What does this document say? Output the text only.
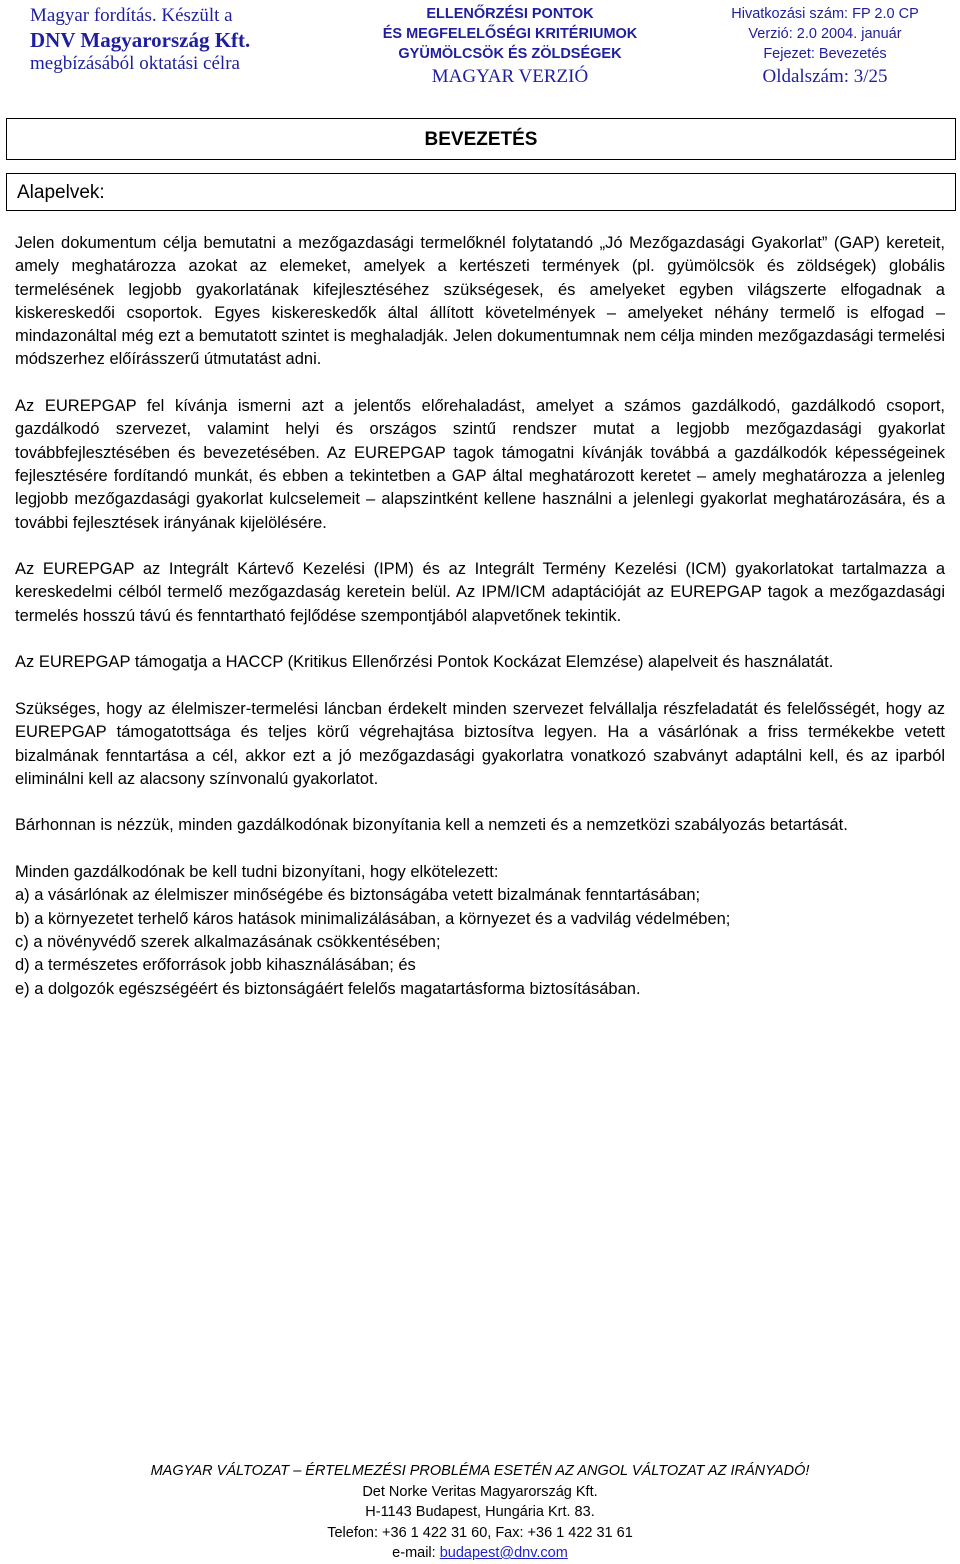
Magyar fordítás. Készült a
DNV Magyarország Kft.
megbízásából oktatási célra
ELLENŐRZÉSI PONTOK
ÉS MEGFELELŐSÉGI KRITÉRIUMOK
GYÜMÖLCSÖK ÉS ZÖLDSÉGEK
MAGYAR VERZIÓ
Hivatkozási szám: FP 2.0 CP
Verzió: 2.0 2004. január
Fejezet: Bevezetés
Oldalszám: 3/25
BEVEZETÉS
Alapelvek:

Jelen dokumentum célja bemutatni a mezőgazdasági termelőknél folytatandó „Jó Mezőgazdasági Gyakorlat” (GAP) kereteit, amely meghatározza azokat az elemeket, amelyek a kertészeti termények (pl. gyümölcsök és zöldségek) globális termelésének legjobb gyakorlatának kifejlesztéséhez szükségesek, és amelyeket egyben világszerte elfogadnak a kiskereskedői csoportok. Egyes kiskereskedők által állított követelmények – amelyeket néhány termelő is elfogad – mindazonáltal még ezt a bemutatott szintet is meghaladják. Jelen dokumentumnak nem célja minden mezőgazdasági termelési módszerhez előírásszerű útmutatást adni.

Az EUREPGAP fel kívánja ismerni azt a jelentős előrehaladást, amelyet a számos gazdálkodó, gazdálkodó csoport, gazdálkodó szervezet, valamint helyi és országos szintű rendszer mutat a legjobb mezőgazdasági gyakorlat továbbfejlesztésében és bevezetésében. Az EUREPGAP tagok támogatni kívánják továbbá a gazdálkodók képességeinek fejlesztésére fordítandó munkát, és ebben a tekintetben a GAP által meghatározott keretet – amely meghatározza a jelenleg legjobb mezőgazdasági gyakorlat kulcselemeit – alapszintként kellene használni a jelenlegi gyakorlat meghatározására, és a további fejlesztések irányának kijelölésére.

Az EUREPGAP az Integrált Kártevő Kezelési (IPM) és az Integrált Termény Kezelési (ICM) gyakorlatokat tartalmazza a kereskedelmi célból termelő mezőgazdaság keretein belül. Az IPM/ICM adaptációját az EUREPGAP tagok a mezőgazdasági termelés hosszú távú és fenntartható fejlődése szempontjából alapvetőnek tekintik.

Az EUREPGAP támogatja a HACCP (Kritikus Ellenőrzési Pontok Kockázat Elemzése) alapelveit és használatát.

Szükséges, hogy az élelmiszer-termelési láncban érdekelt minden szervezet felvállalja részfeladatát és felelősségét, hogy az EUREPGAP támogatottsága és teljes körű végrehajtása biztosítva legyen. Ha a vásárlónak a friss termékekbe vetett bizalmának fenntartása a cél, akkor ezt a jó mezőgazdasági gyakorlatra vonatkozó szabványt adaptálni kell, és az iparból eliminálni kell az alacsony színvonalú gyakorlatot.

Bárhonnan is nézzük, minden gazdálkodónak bizonyítania kell a nemzeti és a nemzetközi szabályozás betartását.

Minden gazdálkodónak be kell tudni bizonyítani, hogy elkötelezett:
a) a vásárlónak az élelmiszer minőségébe és biztonságába vetett bizalmának fenntartásában;
b) a környezetet terhelő káros hatások minimalizálásában, a környezet és a vadvilág védelmében;
c) a növényvédő szerek alkalmazásának csökkentésében;
d) a természetes erőforrások jobb kihasználásában; és
e) a dolgozók egészségéért és biztonságáért felelős magatartásforma biztosításában.
MAGYAR VÁLTOZAT – ÉRTELMEZÉSI PROBLÉMA ESETÉN AZ ANGOL VÁLTOZAT AZ IRÁNYADÓ!
Det Norke Veritas Magyarország Kft.
H-1143 Budapest, Hungária Krt. 83.
Telefon: +36 1 422 31 60, Fax: +36 1 422 31 61
e-mail: budapest@dnv.com
